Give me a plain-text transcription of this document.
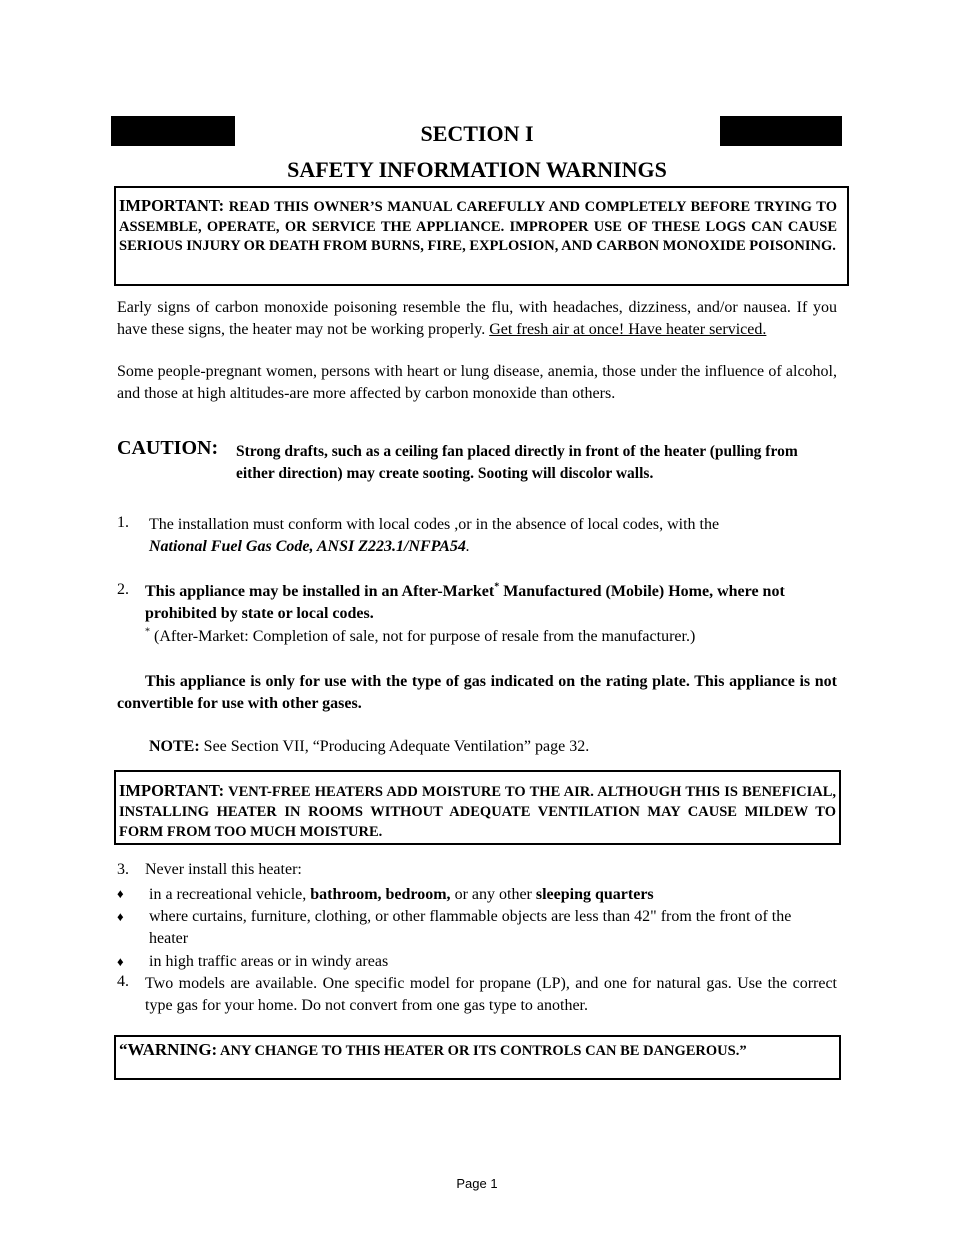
SECTION I
SAFETY INFORMATION WARNINGS

IMPORTANT: READ THIS OWNER’S MANUAL CAREFULLY AND COMPLETELY BEFORE TRYING TO ASSEMBLE, OPERATE, OR SERVICE THE APPLIANCE. IMPROPER USE OF THESE LOGS CAN CAUSE SERIOUS INJURY OR DEATH FROM BURNS, FIRE, EXPLOSION, AND CARBON MONOXIDE POISONING.

Early signs of carbon monoxide poisoning resemble the flu, with headaches, dizziness, and/or nausea. If you have these signs, the heater may not be working properly. Get fresh air at once! Have heater serviced.

Some people-pregnant women, persons with heart or lung disease, anemia, those under the influence of alcohol, and those at high altitudes-are more affected by carbon monoxide than others.

CAUTION: Strong drafts, such as a ceiling fan placed directly in front of the heater (pulling from either direction) may create sooting. Sooting will discolor walls.

1. The installation must conform with local codes ,or in the absence of local codes, with the
National Fuel Gas Code, ANSI Z223.1/NFPA54.

2. This appliance may be installed in an After-Market* Manufactured (Mobile) Home, where not prohibited by state or local codes.

* (After-Market: Completion of sale, not for purpose of resale from the manufacturer.)

This appliance is only for use with the type of gas indicated on the rating plate. This appliance is not convertible for use with other gases.

NOTE: See Section VII, “Producing Adequate Ventilation” page 32.

IMPORTANT: VENT-FREE HEATERS ADD MOISTURE TO THE AIR. ALTHOUGH THIS IS BENEFICIAL, INSTALLING HEATER IN ROOMS WITHOUT ADEQUATE VENTILATION MAY CAUSE MILDEW TO FORM FROM TOO MUCH MOISTURE.

3. Never install this heater:
♦ in a recreational vehicle, bathroom, bedroom, or any other sleeping quarters

♦ where curtains, furniture, clothing, or other flammable objects are less than 42" from the front of the heater

♦ in high traffic areas or in windy areas

4. Two models are available. One specific model for propane (LP), and one for natural gas. Use the correct type gas for your home. Do not convert from one gas type to another.

“WARNING: ANY CHANGE TO THIS HEATER OR ITS CONTROLS CAN BE DANGEROUS.”

Page 1
